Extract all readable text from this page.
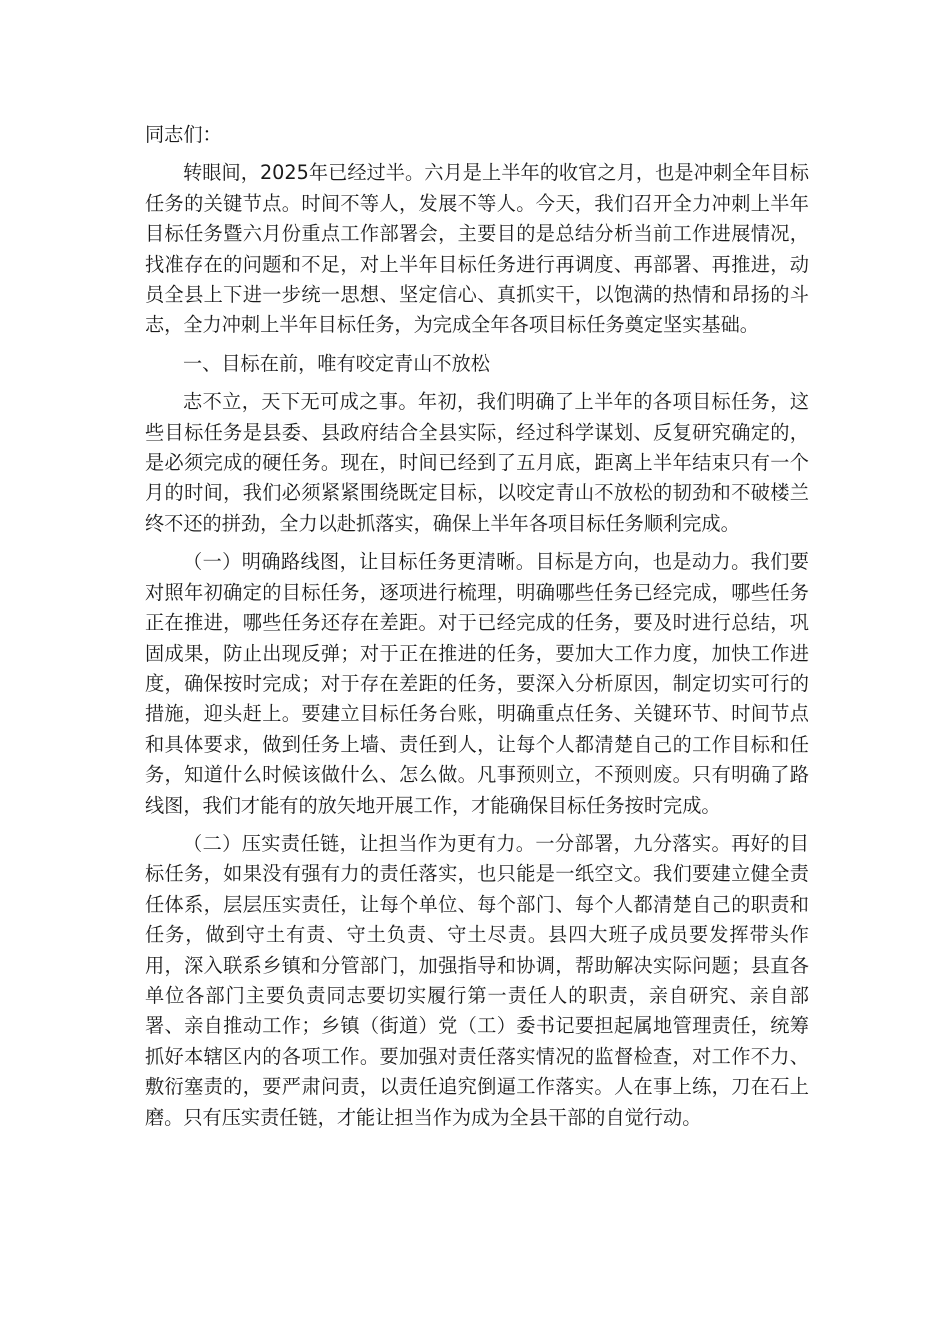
同志们：

转眼间，2025年已经过半。六月是上半年的收官之月，也是冲刺全年目标任务的关键节点。时间不等人，发展不等人。今天，我们召开全力冲刺上半年目标任务暨六月份重点工作部署会，主要目的是总结分析当前工作进展情况，找准存在的问题和不足，对上半年目标任务进行再调度、再部署、再推进，动员全县上下进一步统一思想、坚定信心、真抓实干，以饱满的热情和昂扬的斗志，全力冲刺上半年目标任务，为完成全年各项目标任务奠定坚实基础。

一、目标在前，唯有咬定青山不放松

志不立，天下无可成之事。年初，我们明确了上半年的各项目标任务，这些目标任务是县委、县政府结合全县实际，经过科学谋划、反复研究确定的，是必须完成的硬任务。现在，时间已经到了五月底，距离上半年结束只有一个月的时间，我们必须紧紧围绕既定目标，以咬定青山不放松的韧劲和不破楼兰终不还的拼劲，全力以赴抓落实，确保上半年各项目标任务顺利完成。

（一）明确路线图，让目标任务更清晰。目标是方向，也是动力。我们要对照年初确定的目标任务，逐项进行梳理，明确哪些任务已经完成，哪些任务正在推进，哪些任务还存在差距。对于已经完成的任务，要及时进行总结，巩固成果，防止出现反弹；对于正在推进的任务，要加大工作力度，加快工作进度，确保按时完成；对于存在差距的任务，要深入分析原因，制定切实可行的措施，迎头赶上。要建立目标任务台账，明确重点任务、关键环节、时间节点和具体要求，做到任务上墙、责任到人，让每个人都清楚自己的工作目标和任务，知道什么时候该做什么、怎么做。凡事预则立，不预则废。只有明确了路线图，我们才能有的放矢地开展工作，才能确保目标任务按时完成。

（二）压实责任链，让担当作为更有力。一分部署，九分落实。再好的目标任务，如果没有强有力的责任落实，也只能是一纸空文。我们要建立健全责任体系，层层压实责任，让每个单位、每个部门、每个人都清楚自己的职责和任务，做到守土有责、守土负责、守土尽责。县四大班子成员要发挥带头作用，深入联系乡镇和分管部门，加强指导和协调，帮助解决实际问题；县直各单位各部门主要负责同志要切实履行第一责任人的职责，亲自研究、亲自部署、亲自推动工作；乡镇（街道）党（工）委书记要担起属地管理责任，统筹抓好本辖区内的各项工作。要加强对责任落实情况的监督检查，对工作不力、敷衍塞责的，要严肃问责，以责任追究倒逼工作落实。人在事上练，刀在石上磨。只有压实责任链，才能让担当作为成为全县干部的自觉行动。
